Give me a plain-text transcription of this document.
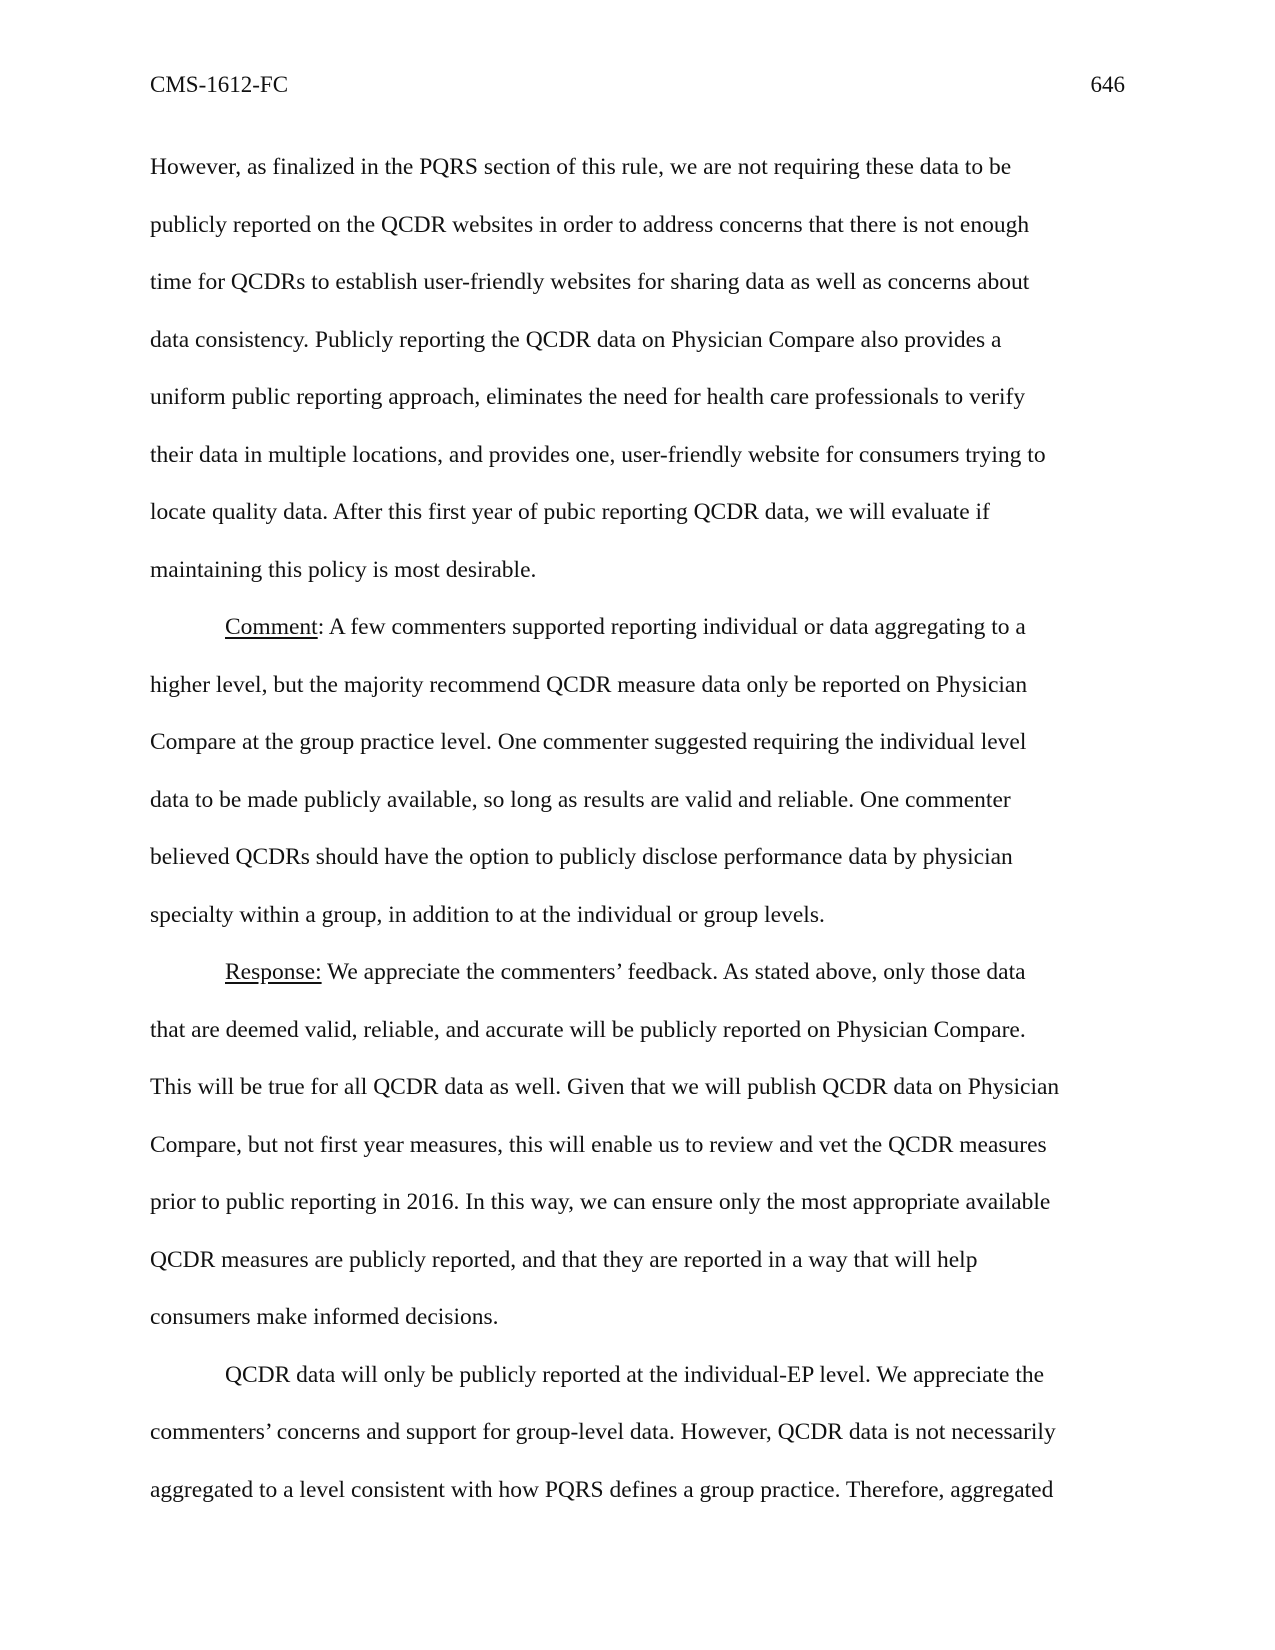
CMS-1612-FC	646

However, as finalized in the PQRS section of this rule, we are not requiring these data to be
publicly reported on the QCDR websites in order to address concerns that there is not enough
time for QCDRs to establish user-friendly websites for sharing data as well as concerns about
data consistency. Publicly reporting the QCDR data on Physician Compare also provides a
uniform public reporting approach, eliminates the need for health care professionals to verify
their data in multiple locations, and provides one, user-friendly website for consumers trying to
locate quality data. After this first year of pubic reporting QCDR data, we will evaluate if
maintaining this policy is most desirable.

Comment: A few commenters supported reporting individual or data aggregating to a
higher level, but the majority recommend QCDR measure data only be reported on Physician
Compare at the group practice level. One commenter suggested requiring the individual level
data to be made publicly available, so long as results are valid and reliable. One commenter
believed QCDRs should have the option to publicly disclose performance data by physician
specialty within a group, in addition to at the individual or group levels.

Response: We appreciate the commenters’ feedback. As stated above, only those data
that are deemed valid, reliable, and accurate will be publicly reported on Physician Compare.
This will be true for all QCDR data as well. Given that we will publish QCDR data on Physician
Compare, but not first year measures, this will enable us to review and vet the QCDR measures
prior to public reporting in 2016. In this way, we can ensure only the most appropriate available
QCDR measures are publicly reported, and that they are reported in a way that will help
consumers make informed decisions.

QCDR data will only be publicly reported at the individual-EP level. We appreciate the
commenters’ concerns and support for group-level data. However, QCDR data is not necessarily
aggregated to a level consistent with how PQRS defines a group practice. Therefore, aggregated
